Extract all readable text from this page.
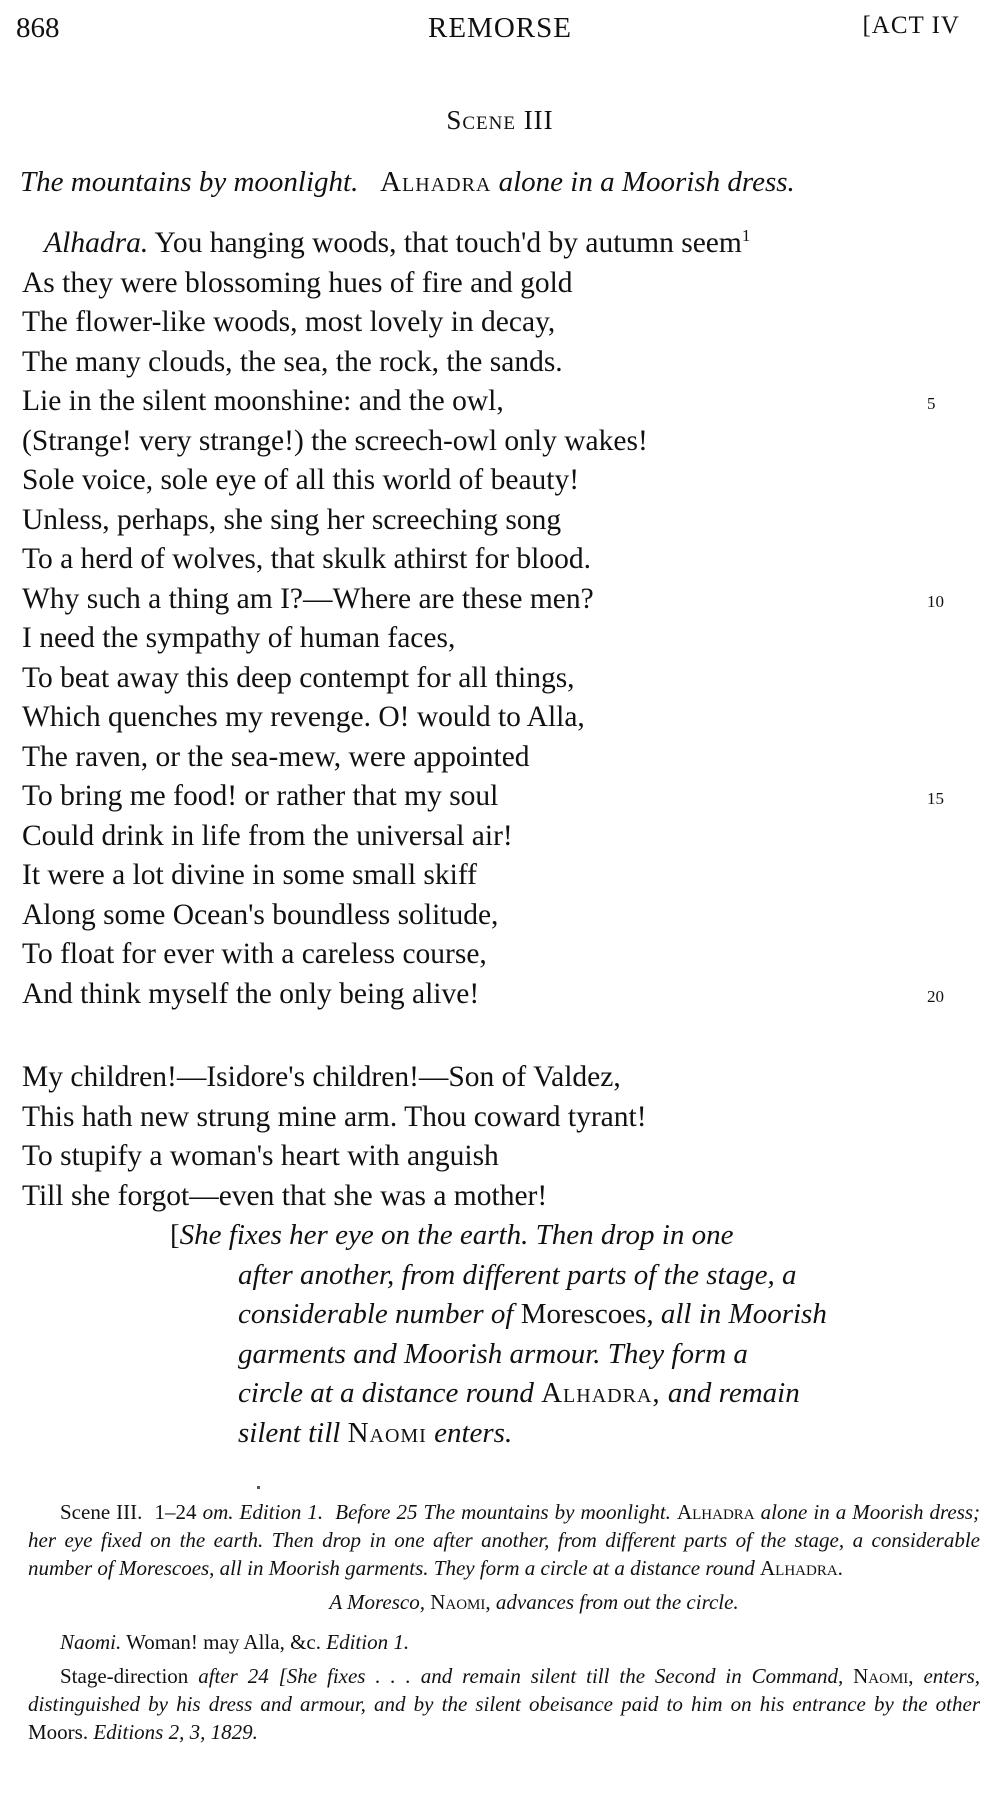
868	REMORSE	[ACT IV
Scene III
The mountains by moonlight. Alhadra alone in a Moorish dress.
Alhadra. You hanging woods, that touch'd by autumn seem$^1$
As they were blossoming hues of fire and gold
The flower-like woods, most lovely in decay,
The many clouds, the sea, the rock, the sands.
Lie in the silent moonshine: and the owl,	5
(Strange! very strange!) the screech-owl only wakes!
Sole voice, sole eye of all this world of beauty!
Unless, perhaps, she sing her screeching song
To a herd of wolves, that skulk athirst for blood.
Why such a thing am I?—Where are these men?	10
I need the sympathy of human faces,
To beat away this deep contempt for all things,
Which quenches my revenge. O! would to Alla,
The raven, or the sea-mew, were appointed
To bring me food! or rather that my soul	15
Could drink in life from the universal air!
It were a lot divine in some small skiff
Along some Ocean's boundless solitude,
To float for ever with a careless course,
And think myself the only being alive!	20
My children!—Isidore's children!—Son of Valdez,
This hath new strung mine arm. Thou coward tyrant!
To stupify a woman's heart with anguish
Till she forgot—even that she was a mother!
[She fixes her eye on the earth. Then drop in one
after another, from different parts of the stage, a
considerable number of Morescoes, all in Moorish
garments and Moorish armour. They form a
circle at a distance round Alhadra, and remain
silent till Naomi enters.

Scene III. 1–24 om. Edition 1. Before 25 The mountains by moonlight. Alhadra alone in a Moorish dress; her eye fixed on the earth. Then drop in one after another, from different parts of the stage, a considerable number of Morescoes, all in Moorish garments. They form a circle at a distance round Alhadra.

A Moresco, Naomi, advances from out the circle.

Naomi. Woman! may Alla, &c. Edition 1.

Stage-direction after 24 [She fixes . . . and remain silent till the Second in Command, Naomi, enters, distinguished by his dress and armour, and by the silent obeisance paid to him on his entrance by the other Moors. Editions 2, 3, 1829.
